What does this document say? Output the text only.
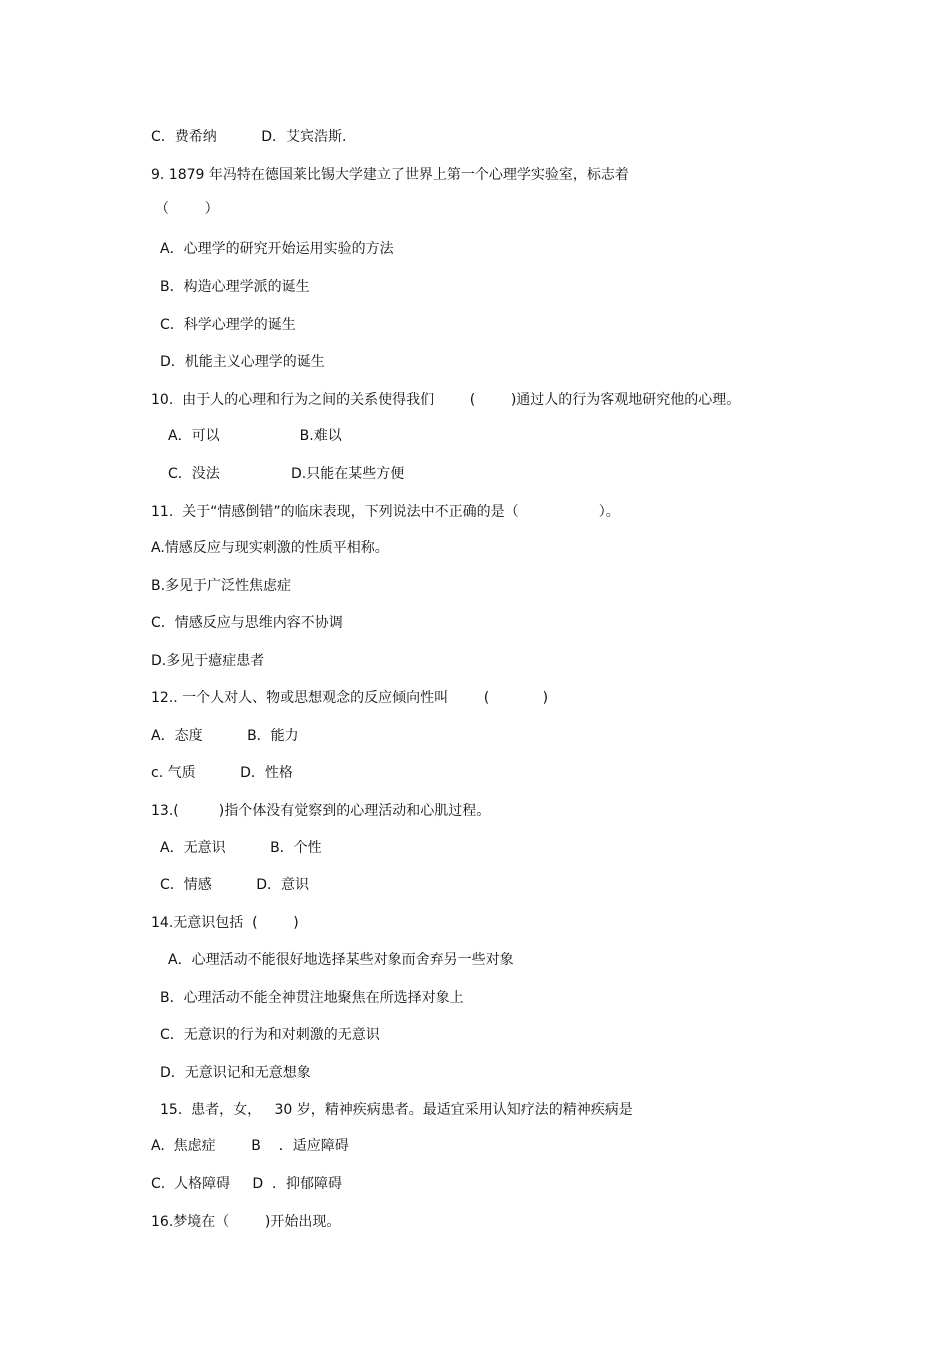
C．费希纳          D．艾宾浩斯.
9. 1879 年冯特在德国莱比锡大学建立了世界上第一个心理学实验室，标志着
（        ）
A．心理学的研究开始运用实验的方法
B．构造心理学派的诞生
C．科学心理学的诞生
D．机能主义心理学的诞生
10.  由于人的心理和行为之间的关系使得我们        (        )通过人的行为客观地研究他的心理。
A．可以                  B.难以
C．没法                D.只能在某些方便
11.  关于“情感倒错”的临床表现，下列说法中不正确的是（                  ）。
A.情感反应与现实刺激的性质平相称。
B.多见于广泛性焦虑症
C．情感反应与思维内容不协调
D.多见于癔症患者
12.. 一个人对人、物或思想观念的反应倾向性叫        (            )
A．态度          B．能力
c. 气质          D．性格
13.(         )指个体没有觉察到的心理活动和心肌过程。
A．无意识          B．个性
C．情感          D．意识
14.无意识包括  (        )
A．心理活动不能很好地选择某些对象而舍弃另一些对象
B．心理活动不能全神贯注地聚焦在所选择对象上
C．无意识的行为和对刺激的无意识
D．无意识记和无意想象
15.  患者，女，   30 岁，精神疾病患者。最适宜采用认知疗法的精神疾病是
A.  焦虑症        B    ．适应障碍
C.  人格障碍     D  ．抑郁障碍
16.梦境在（        )开始出现。
